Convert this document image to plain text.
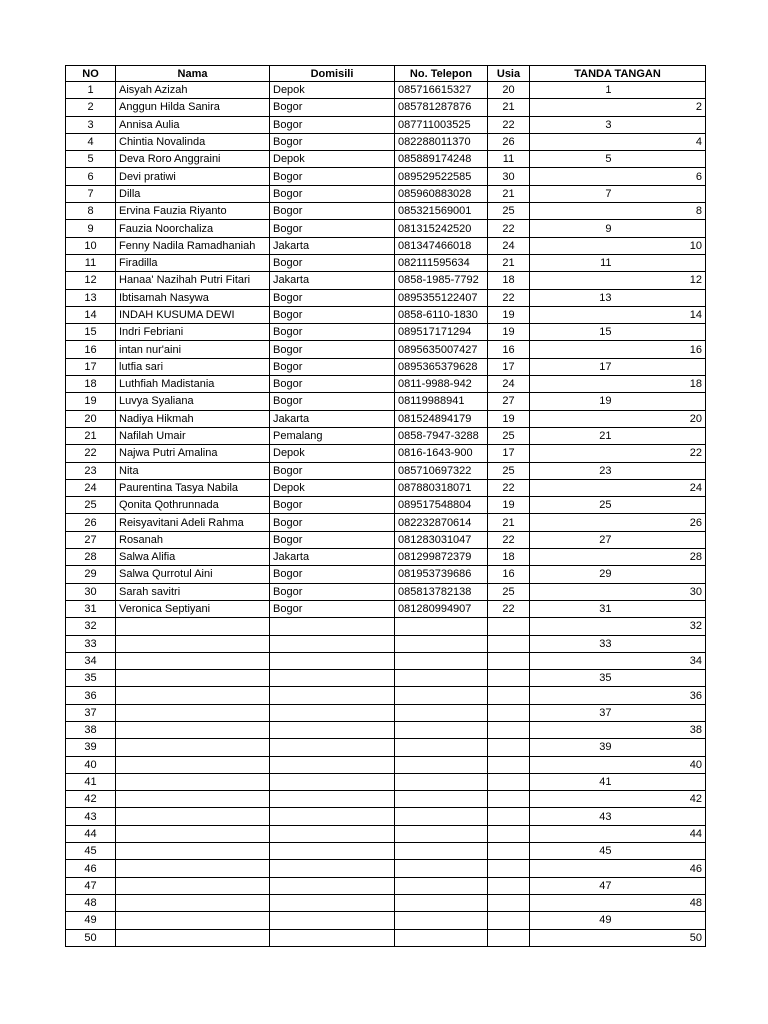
NO	Nama	Domisili	No. Telepon	Usia	TANDA TANGAN	
1	Aisyah Azizah	Depok	085716615327	20	1	
2	Anggun Hilda Sanira	Bogor	085781287876	21		2
3	Annisa Aulia	Bogor	087711003525	22	3	
4	Chintia Novalinda	Bogor	082288011370	26		4
5	Deva Roro Anggraini	Depok	085889174248	11	5	
6	Devi pratiwi	Bogor	089529522585	30		6
7	Dilla	Bogor	085960883028	21	7	
8	Ervina Fauzia Riyanto	Bogor	085321569001	25		8
9	Fauzia Noorchaliza	Bogor	081315242520	22	9	
10	Fenny Nadila Ramadhaniah	Jakarta	081347466018	24		10
11	Firadilla	Bogor	082111595634	21	11	
12	Hanaa' Nazihah Putri Fitari	Jakarta	0858-1985-7792	18		12
13	Ibtisamah Nasywa	Bogor	0895355122407	22	13	
14	INDAH KUSUMA DEWI	Bogor	0858-6110-1830	19		14
15	Indri Febriani	Bogor	089517171294	19	15	
16	intan nur'aini	Bogor	0895635007427	16		16
17	lutfia sari	Bogor	0895365379628	17	17	
18	Luthfiah Madistania	Bogor	0811-9988-942	24		18
19	Luvya Syaliana	Bogor	08119988941	27	19	
20	Nadiya Hikmah	Jakarta	081524894179	19		20
21	Nafilah Umair	Pemalang	0858-7947-3288	25	21	
22	Najwa Putri Amalina	Depok	0816-1643-900	17		22
23	Nita	Bogor	085710697322	25	23	
24	Paurentina Tasya Nabila	Depok	087880318071	22		24
25	Qonita Qothrunnada	Bogor	089517548804	19	25	
26	Reisyavitani Adeli Rahma	Bogor	082232870614	21		26
27	Rosanah	Bogor	081283031047	22	27	
28	Salwa Alifia	Jakarta	081299872379	18		28
29	Salwa Qurrotul Aini	Bogor	081953739686	16	29	
30	Sarah savitri	Bogor	085813782138	25		30
31	Veronica Septiyani	Bogor	081280994907	22	31	
32						32
33					33	
34						34
35					35	
36						36
37					37	
38						38
39					39	
40						40
41					41	
42						42
43					43	
44						44
45					45	
46						46
47					47	
48						48
49					49	
50						50
